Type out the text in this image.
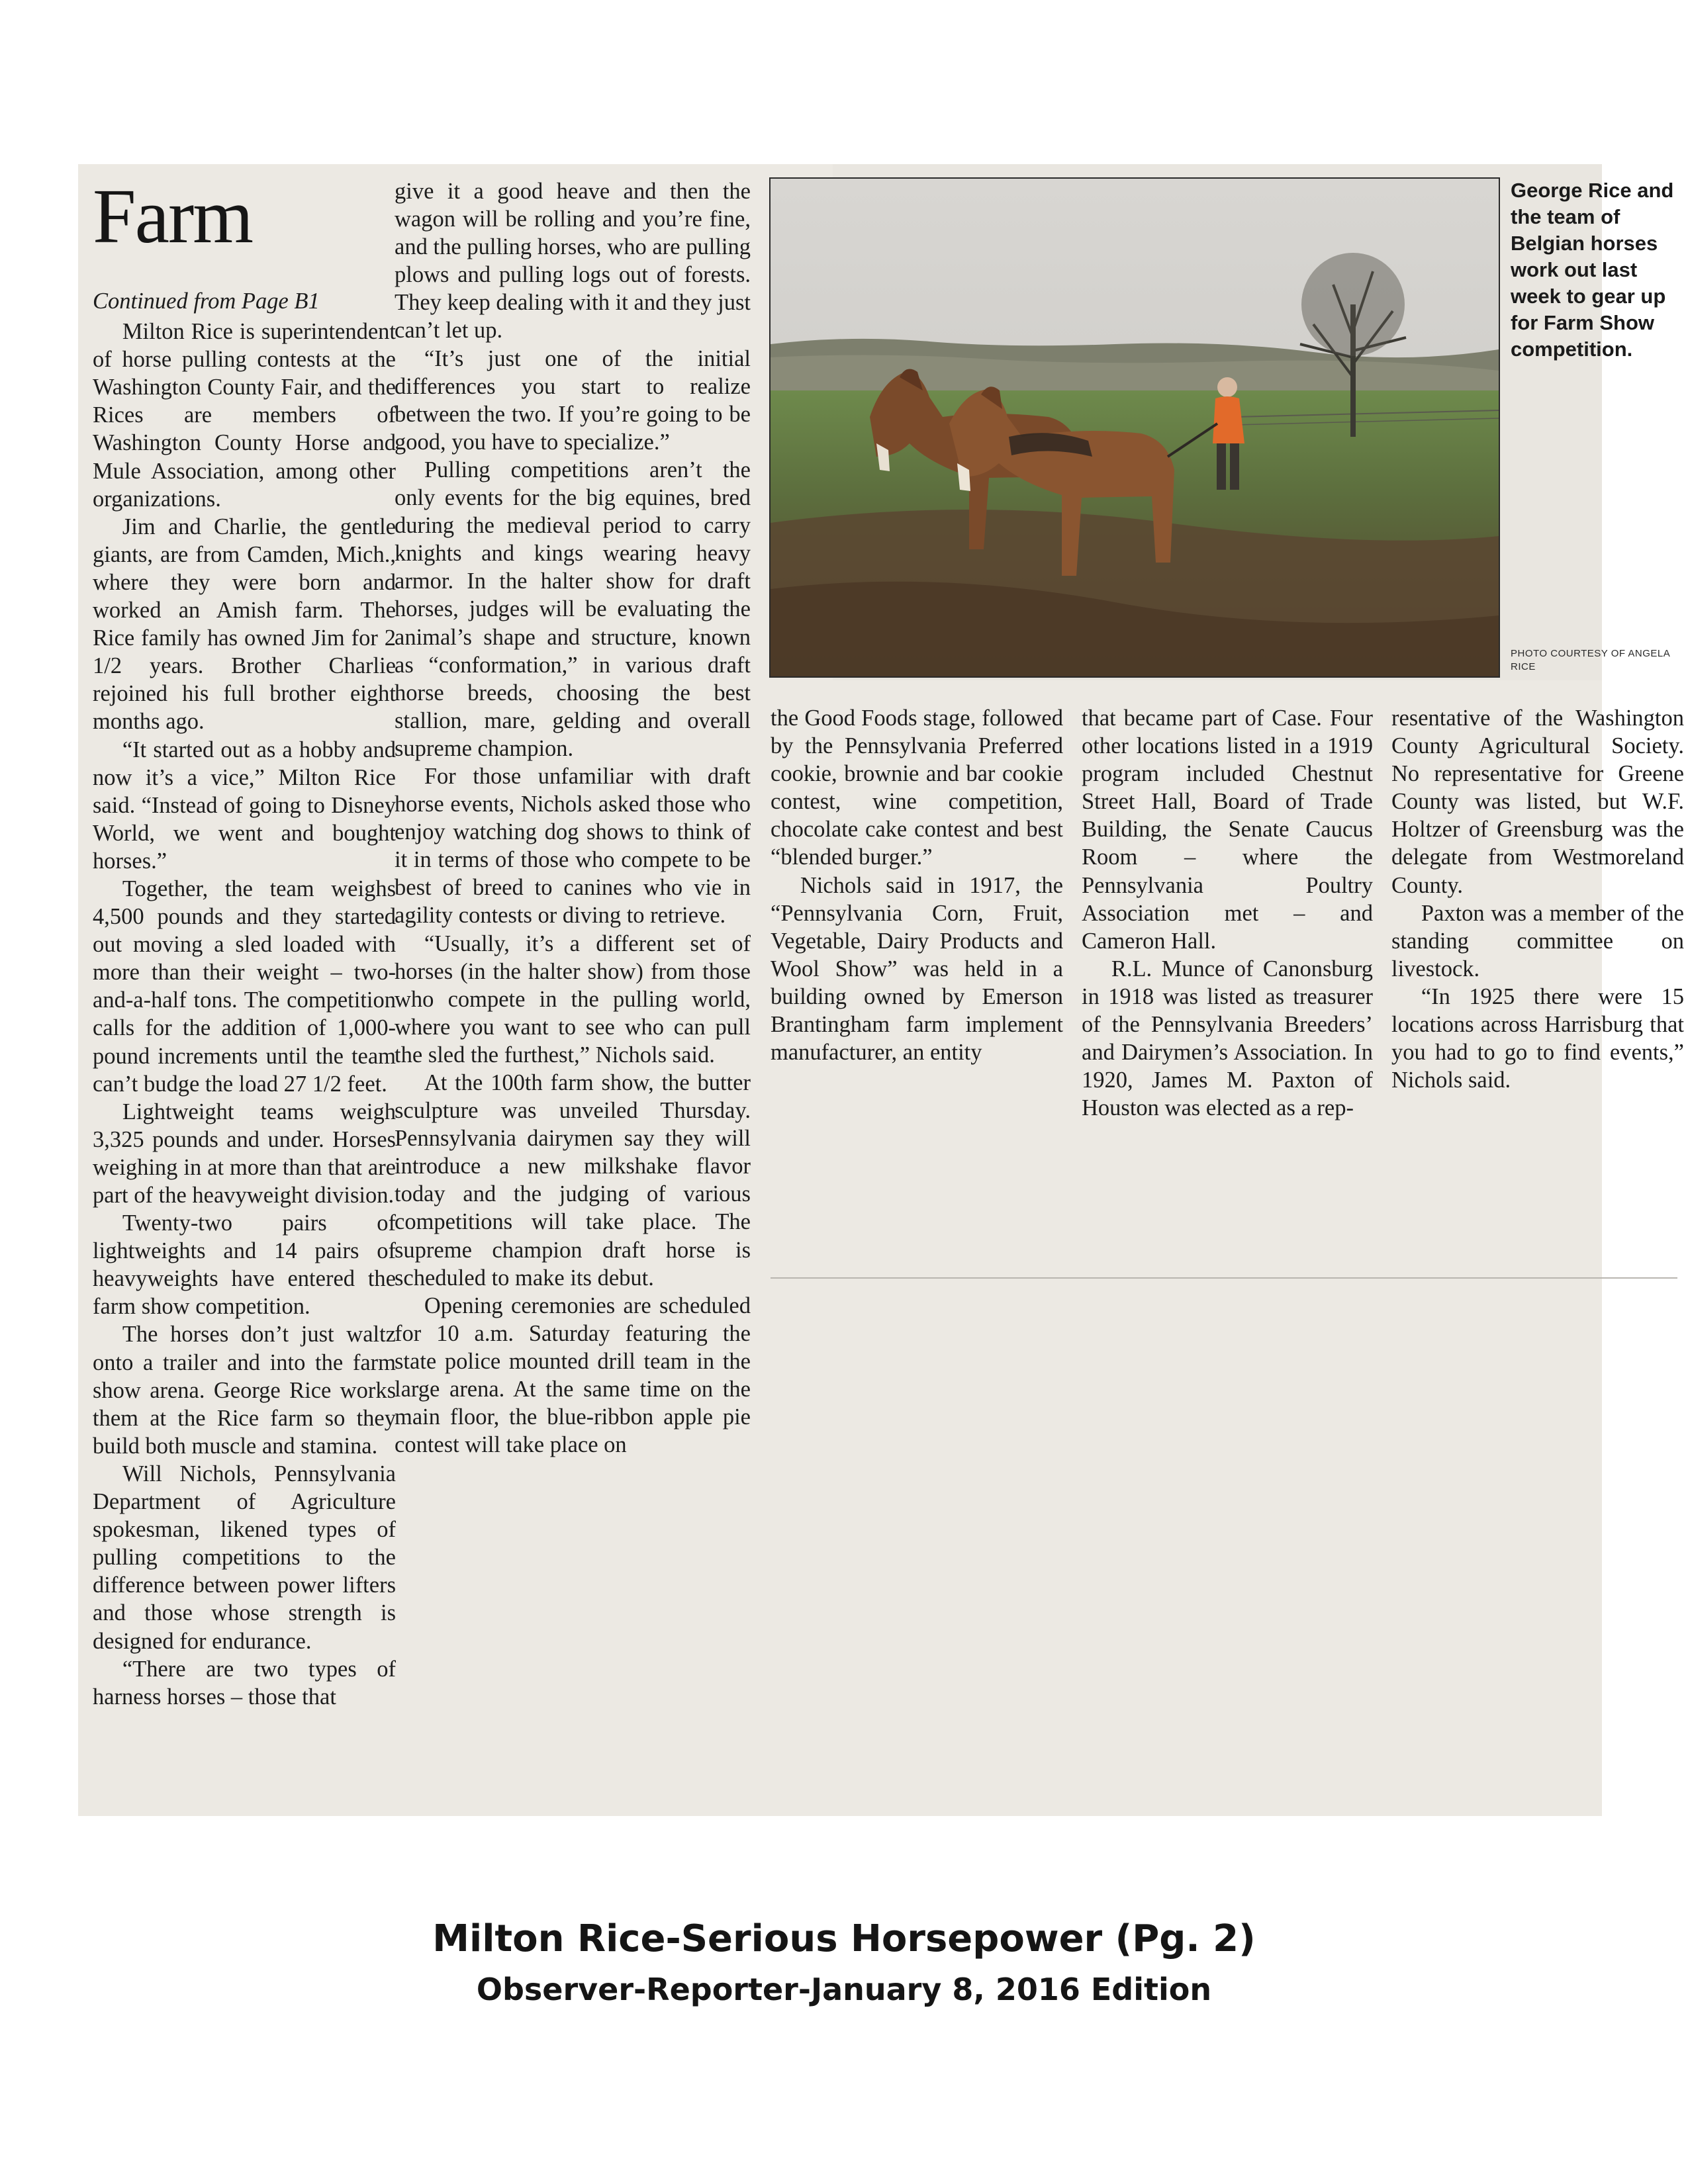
Farm

Continued from Page B1

Milton Rice is superintendent of horse pulling contests at the Washington County Fair, and the Rices are members of Washington County Horse and Mule Association, among other organizations.

Jim and Charlie, the gentle giants, are from Camden, Mich., where they were born and worked an Amish farm. The Rice family has owned Jim for 2 1/2 years. Brother Charlie rejoined his full brother eight months ago.

“It started out as a hobby and now it’s a vice,” Milton Rice said. “Instead of going to Disney World, we went and bought horses.”

Together, the team weighs 4,500 pounds and they started out moving a sled loaded with more than their weight – two-and-a-half tons. The competition calls for the addition of 1,000-pound increments until the team can’t budge the load 27 1/2 feet.

Lightweight teams weigh 3,325 pounds and under. Horses weighing in at more than that are part of the heavyweight division.

Twenty-two pairs of lightweights and 14 pairs of heavyweights have entered the farm show competition.

The horses don’t just waltz onto a trailer and into the farm show arena. George Rice works them at the Rice farm so they build both muscle and stamina.

Will Nichols, Pennsylvania Department of Agriculture spokesman, likened types of pulling competitions to the difference between power lifters and those whose strength is designed for endurance.

“There are two types of harness horses – those that

give it a good heave and then the wagon will be rolling and you’re fine, and the pulling horses, who are pulling plows and pulling logs out of forests. They keep dealing with it and they just can’t let up.

“It’s just one of the initial differences you start to realize between the two. If you’re going to be good, you have to specialize.”

Pulling competitions aren’t the only events for the big equines, bred during the medieval period to carry knights and kings wearing heavy armor. In the halter show for draft horses, judges will be evaluating the animal’s shape and structure, known as “conformation,” in various draft horse breeds, choosing the best stallion, mare, gelding and overall supreme champion.

For those unfamiliar with draft horse events, Nichols asked those who enjoy watching dog shows to think of it in terms of those who compete to be best of breed to canines who vie in agility contests or diving to retrieve.

“Usually, it’s a different set of horses (in the halter show) from those who compete in the pulling world, where you want to see who can pull the sled the furthest,” Nichols said.

At the 100th farm show, the butter sculpture was unveiled Thursday. Pennsylvania dairymen say they will introduce a new milkshake flavor today and the judging of various competitions will take place. The supreme champion draft horse is scheduled to make its debut.

Opening ceremonies are scheduled for 10 a.m. Saturday featuring the state police mounted drill team in the large arena. At the same time on the main floor, the blue-ribbon apple pie contest will take place on

George Rice and the team of Belgian horses work out last week to gear up for Farm Show competition.
PHOTO COURTESY OF ANGELA RICE

the Good Foods stage, followed by the Pennsylvania Preferred cookie, brownie and bar cookie contest, wine competition, chocolate cake contest and best “blended burger.”

Nichols said in 1917, the “Pennsylvania Corn, Fruit, Vegetable, Dairy Products and Wool Show” was held in a building owned by Emerson Brantingham farm implement manufacturer, an entity

that became part of Case. Four other locations listed in a 1919 program included Chestnut Street Hall, Board of Trade Building, the Senate Caucus Room – where the Pennsylvania Poultry Association met – and Cameron Hall.

R.L. Munce of Canonsburg in 1918 was listed as treasurer of the Pennsylvania Breeders’ and Dairymen’s Association. In 1920, James M. Paxton of Houston was elected as a rep-

resentative of the Washington County Agricultural Society. No representative for Greene County was listed, but W.F. Holtzer of Greensburg was the delegate from Westmoreland County.

Paxton was a member of the standing committee on livestock.

“In 1925 there were 15 locations across Harrisburg that you had to go to find events,” Nichols said.

Milton Rice-Serious Horsepower (Pg. 2)
Observer-Reporter-January 8, 2016 Edition
